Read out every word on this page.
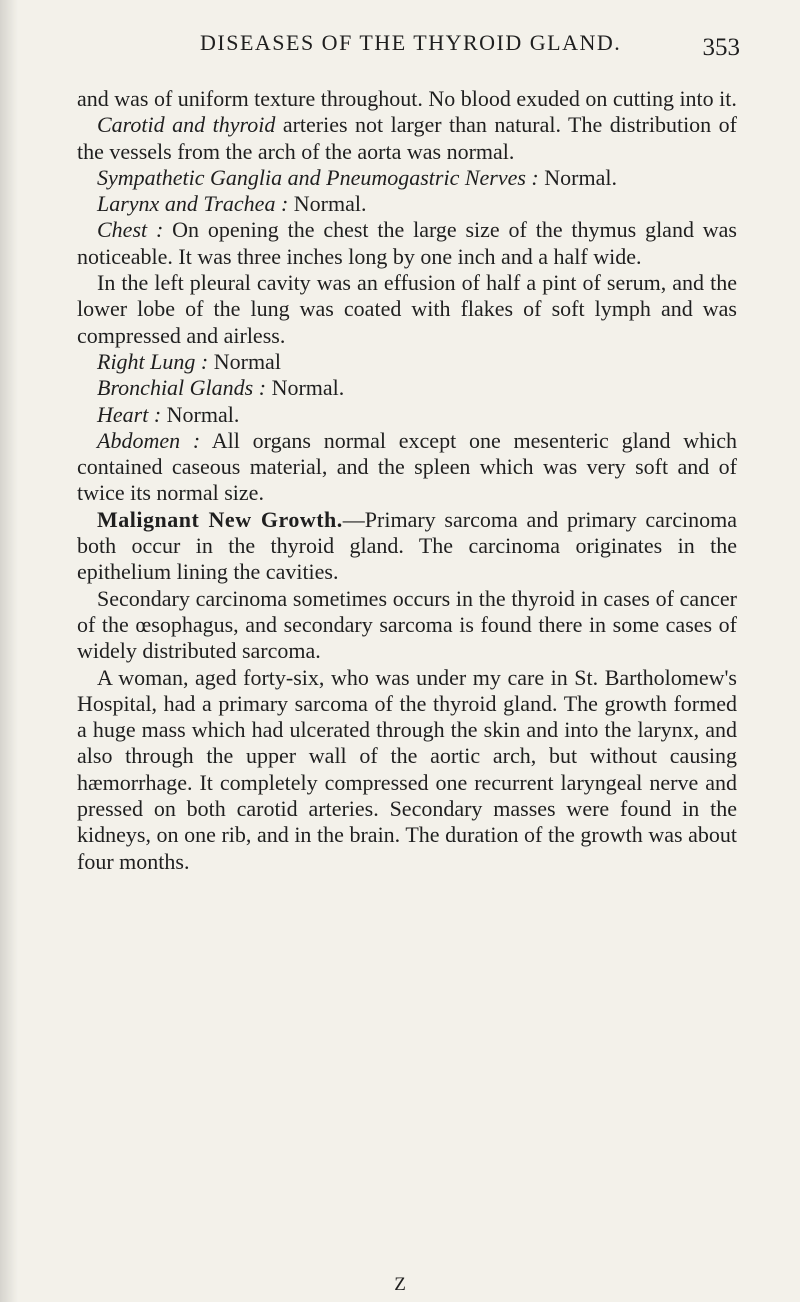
DISEASES OF THE THYROID GLAND.	353

and was of uniform texture throughout. No blood exuded on cutting into it.

Carotid and thyroid arteries not larger than natural. The distribution of the vessels from the arch of the aorta was normal.

Sympathetic Ganglia and Pneumogastric Nerves : Normal.

Larynx and Trachea : Normal.

Chest : On opening the chest the large size of the thymus gland was noticeable. It was three inches long by one inch and a half wide.

In the left pleural cavity was an effusion of half a pint of serum, and the lower lobe of the lung was coated with flakes of soft lymph and was compressed and airless.

Right Lung : Normal

Bronchial Glands : Normal.

Heart : Normal.

Abdomen : All organs normal except one mesenteric gland which contained caseous material, and the spleen which was very soft and of twice its normal size.

Malignant New Growth.—Primary sarcoma and primary carcinoma both occur in the thyroid gland. The carcinoma originates in the epithelium lining the cavities.

Secondary carcinoma sometimes occurs in the thyroid in cases of cancer of the œsophagus, and secondary sarcoma is found there in some cases of widely distributed sarcoma.

A woman, aged forty-six, who was under my care in St. Bartholomew's Hospital, had a primary sarcoma of the thyroid gland. The growth formed a huge mass which had ulcerated through the skin and into the larynx, and also through the upper wall of the aortic arch, but without causing hæmorrhage. It completely compressed one recurrent laryngeal nerve and pressed on both carotid arteries. Secondary masses were found in the kidneys, on one rib, and in the brain. The duration of the growth was about four months.

Z
